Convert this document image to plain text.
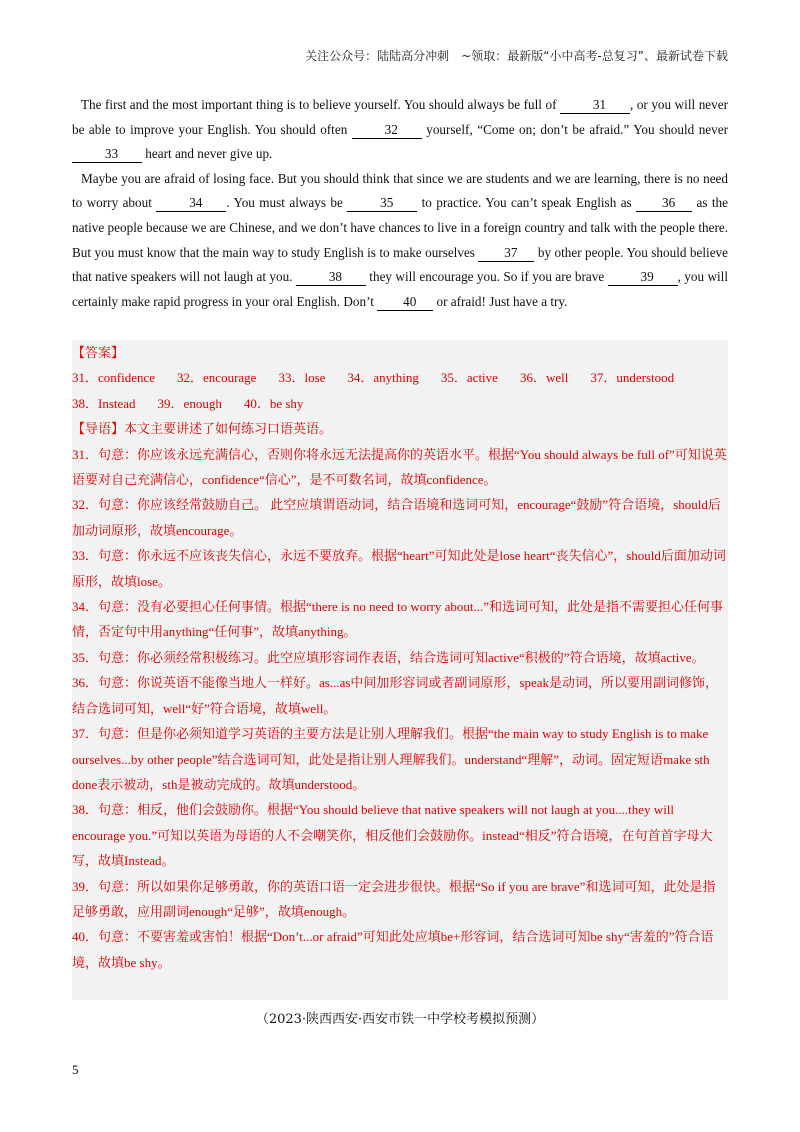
关注公众号：陆陆高分冲刺　~领取：最新版“小中高考-总复习”、最新试卷下载

The first and the most important thing is to believe yourself. You should always be full of 31 , or you will never be able to improve your English. You should often 32 yourself, “Come on; don’t be afraid.” You should never 33 heart and never give up.

Maybe you are afraid of losing face. But you should think that since we are students and we are learning, there is no need to worry about 34 . You must always be 35 to practice. You can’t speak English as 36 as the native people because we are Chinese, and we don’t have chances to live in a foreign country and talk with the people there. But you must know that the main way to study English is to make ourselves 37 by other people. You should believe that native speakers will not laugh at you. 38 they will encourage you. So if you are brave 39 , you will certainly make rapid progress in your oral English. Don’t 40 or afraid! Just have a try.

【答案】
31．confidence 32．encourage 33．lose 34．anything 35．active 36．well 37．understood
38．Instead 39．enough 40．be shy
【导语】本文主要讲述了如何练习口语英语。
31．句意：你应该永远充满信心，否则你将永远无法提高你的英语水平。根据“You should always be full of”可知说英语要对自己充满信心，confidence“信心”，是不可数名词，故填confidence。
32．句意：你应该经常鼓励自己。 此空应填谓语动词，结合语境和选词可知，encourage“鼓励”符合语境，should后加动词原形，故填encourage。
33．句意：你永远不应该丧失信心，永远不要放弃。根据“heart”可知此处是lose heart“丧失信心”，should后面加动词原形，故填lose。
34．句意：没有必要担心任何事情。根据“there is no need to worry about...”和选词可知，此处是指不需要担心任何事情，否定句中用anything“任何事”，故填anything。
35．句意：你必须经常积极练习。此空应填形容词作表语，结合选词可知active“积极的”符合语境，故填active。
36．句意：你说英语不能像当地人一样好。as...as中间加形容词或者副词原形，speak是动词，所以要用副词修饰，结合选词可知，well“好”符合语境，故填well。
37．句意：但是你必须知道学习英语的主要方法是让别人理解我们。根据“the main way to study English is to make ourselves...by other people”结合选词可知，此处是指让别人理解我们。understand“理解”，动词。固定短语make sth done表示被动，sth是被动完成的。故填understood。
38．句意：相反，他们会鼓励你。根据“You should believe that native speakers will not laugh at you....they will encourage you.”可知以英语为母语的人不会嘲笑你，相反他们会鼓励你。instead“相反”符合语境，在句首首字母大写，故填Instead。
39．句意：所以如果你足够勇敢，你的英语口语一定会进步很快。根据“So if you are brave”和选词可知，此处是指足够勇敢，应用副词enough“足够”，故填enough。
40．句意：不要害羞或害怕！根据“Don’t...or afraid”可知此处应填be+形容词，结合选词可知be shy“害羞的”符合语境，故填be shy。
（2023·陕西西安·西安市铁一中学校考模拟预测）
5
